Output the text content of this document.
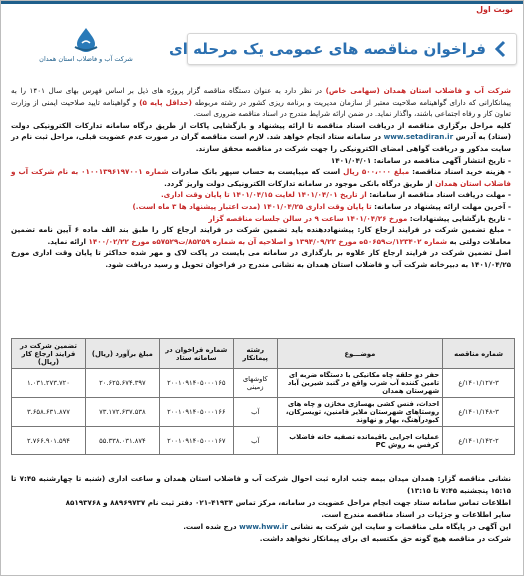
نوبت اول
شرکت آب و فاضلاب استان همدان
فراخوان مناقصه های عمومی یک مرحله ای

شرکت آب و فاضلاب استان همدان (سهامی خاص) در نظر دارد به عنوان دستگاه مناقصه گزار پروژه های ذیل بر اساس فهرس بهای سال ۱۴۰۱ را به پیمانکارانی که دارای گواهینامه صلاحیت معتبر از سازمان مدیریت و برنامه ریزی کشور در رشته مربوطه (حداقل پایه ۵) و گواهینامه تایید صلاحیت ایمنی از وزارت تعاون کار و رفاه اجتماعی باشند، واگذار نماید. در ضمن ارائه شرایط مندرج در اسناد مناقصه ضروری است.

کلیه مراحل برگزاری مناقصه از دریافت اسناد مناقصه تا ارائه پیشنهاد و بازگشایی پاکات از طریق درگاه سامانه تدارکات الکترونیکی دولت (ستاد) به آدرس www.setadiran.ir در سامانه ستاد انجام خواهد شد. لازم است مناقصه گران در صورت عدم عضویت قبلی، مراحل ثبت نام در سایت مذکور و دریافت گواهی امضای الکترونیکی را جهت شرکت در مناقصه محقق سازند.

- تاریخ انتشار آگهی مناقصه در سامانه: ۱۴۰۱/۰۴/۰۱

- هزینه خرید اسناد مناقصه: مبلغ ۵۰۰،۰۰۰ ریال است که میبایست به حساب سپهر بانک صادرات شماره ۰۱۰۰۱۳۹۶۱۹۷۰۰۱ به نام شرکت آب و فاضلاب استان همدان از طریق درگاه بانکی موجود در سامانه تدارکات الکترونیکی دولت واریز گردد.

- مهلت دریافت اسناد مناقصه از سامانه: از تاریخ ۱۴۰۱/۰۴/۰۱ لغایت ۱۴۰۱/۰۴/۱۵ تا پایان وقت اداری.

- آخرین مهلت ارائه پیشنهاد در سامانه: تا پایان وقت اداری ۱۴۰۱/۰۴/۲۵ (مدت اعتبار پیشنهاد ها ۳ ماه است.)

- تاریخ بازگشایی پیشنهادات: مورخ ۱۴۰۱/۰۴/۲۶ ساعت ۹ در سالن جلسات مناقصه گزار

- مبلغ تضمین شرکت در فرایند ارجاع کار: پیشنهاددهنده باید تضمین شرکت در فرایند ارجاع کار را طبق بند الف ماده ۶ آیین نامه تضمین معاملات دولتی به شماره ۱۲۳۴۰۲/ت۵۰۶۵۹ه مورخ ۱۳۹۴/۰۹/۲۲ و اصلاحیه آن به شماره ۸۵۲۵۹/ت۵۷۵۲۹ه مورخ ۱۴۰۰/۰۲/۲۲ ارائه نماید.

اصل تضمین شرکت در فرایند ارجاع کار علاوه بر بارگذاری در سامانه می بایست در پاکت لاک و مهر شده حداکثر تا پایان وقت اداری مورخ ۱۴۰۱/۰۴/۲۵ به دبیرخانه شرکت آب و فاضلاب استان همدان به نشانی مندرج در فراخوان تحویل و رسید دریافت شود.

شماره مناقصه	موضـــوع	رشته پیمانکار	شماره فراخوان در سامانه ستاد	مبلغ برآورد (ریال)	تضمین شرکت در فرایند ارجاع کار (ریال)
۱۴۰۱/۱۲۷-۳/ع	حفر دو حلقه چاه مکانیکی با دستگاه ضربه ای تامین کننده آب شرب واقع در گنبد شیرین آباد شهرستان همدان	کاوشهای زمینی	۲۰۰۱۰۹۱۴۰۵۰۰۰۱۶۵	۲۰.۶۲۵.۶۷۴.۳۹۷	۱.۰۳۱.۲۷۳.۷۲۰
۱۴۰۱/۱۴۸-۳/ع	احداث، فنس کشی بهسازی مخازن و چاه های روستاهای شهرستان ملایر فامنین، تویسرکان، کبودرآهنگ، بهار و نهاوند	آب	۲۰۰۱۰۹۱۴۰۵۰۰۰۱۶۶	۷۳.۱۷۲.۶۳۷.۵۳۸	۳.۶۵۸.۶۳۱.۸۷۷
۱۴۰۱/۱۴۲-۲/ع	عملیات اجرایی باقیمانده تصفیه خانه فاضلاب کرفس به روش PC	آب	۲۰۰۱۰۹۱۴۰۵۰۰۰۱۶۷	۵۵.۳۳۸.۰۳۱.۸۷۴	۲.۷۶۶.۹۰۱.۵۹۴

نشانی مناقصه گزار: همدان میدان بیمه جنب اداره ثبت احوال شرکت آب و فاضلاب استان همدان و ساعت اداری (شنبه تا چهارشنبه ۷:۴۵ تا ۱۵:۱۵ پنجشنبه ۷:۴۵ تا ۱۳:۱۵)

اطلاعات تماس سامانه ستاد جهت انجام مراحل عضویت در سامانه، مرکز تماس ۴۱۹۳۴-۰۲۱ دفتر ثبت نام ۸۸۹۶۹۷۳۷ و ۸۵۱۹۳۷۶۸

سایر اطلاعات و جزئیات در اسناد مناقصه مندرج است.

این آگهی در پایگاه ملی مناقصات و سایت این شرکت به نشانی www.hww.ir درج شده است.

شرکت در مناقصه هیچ گونه حق مکتسبه ای برای پیمانکار نخواهد داشت.
